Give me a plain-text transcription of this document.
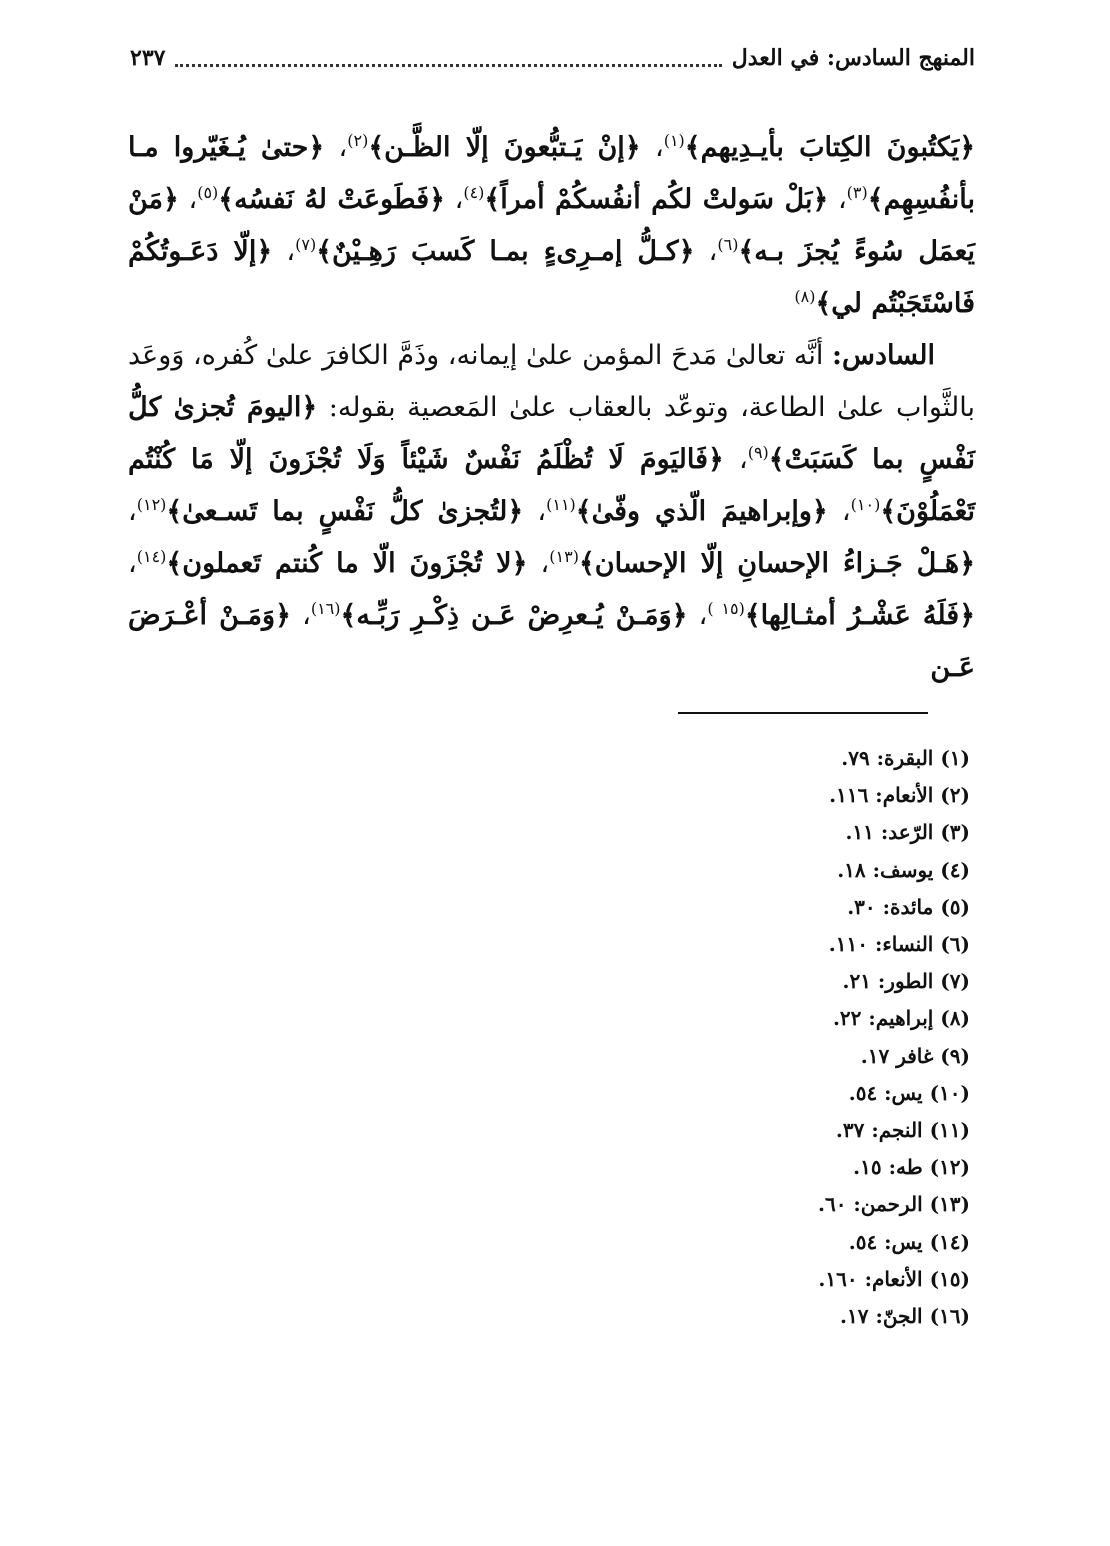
المنهج السادس: في العدل
٢٣٧

﴿يَكتُبونَ الكِتابَ بأيـدِيهم﴾$^{(١)}$، ﴿إنْ يَـتبُّعونَ إلّا الظَّـن﴾$^{(٢)}$، ﴿حتىٰ يُـغَيّروا مـا بأنفُسِهِم﴾$^{(٣)}$، ﴿بَلْ سَولتْ لكُم أنفُسكُمْ أمراً﴾$^{(٤)}$، ﴿فَطَوعَتْ لهُ نَفسُه﴾$^{(٥)}$، ﴿مَنْ يَعمَل سُوءً يُجزَ بـه﴾$^{(٦)}$، ﴿كـلُّ إمـرِىءٍ بمـا كَسبَ رَهِـيْنٌ﴾$^{(٧)}$، ﴿إلّا دَعَـوتُكُمْ فَاسْتَجَبْتُم لي﴾$^{(٨)}$

السادس: أنَّه تعالىٰ مَدحَ المؤمن علىٰ إيمانه، وذَمَّ الكافرَ علىٰ كُفره، وَوعَد بالثَّواب علىٰ الطاعة، وتوعّد بالعقاب علىٰ المَعصية بقوله: ﴿اليومَ تُجزىٰ كلُّ نَفْسٍ بما كَسَبَتْ﴾$^{(٩)}$، ﴿فَاليَومَ لَا تُظْلَمُ نَفْسٌ شَيْئاً وَلَا تُجْزَونَ إلّا مَا كُنْتُم تَعْمَلُوْنَ﴾$^{(١٠)}$، ﴿وإبراهيمَ الّذي وفّىٰ﴾$^{(١١)}$، ﴿لتُجزىٰ كلُّ نَفْسٍ بما تَسـعىٰ﴾$^{(١٢)}$، ﴿هَـلْ جَـزاءُ الإحسانِ إلّا الإحسان﴾$^{(١٣)}$، ﴿لا تُجْزَونَ الّا ما كُنتم تَعملون﴾$^{(١٤)}$، ﴿فَلَهُ عَشْـرُ أمثـالِها﴾$^{(١٥ )}$، ﴿وَمَـنْ يُـعرِضْ عَـن ذِكْـرِ رَبِّـه﴾$^{(١٦)}$، ﴿وَمَـنْ أعْـرَضَ عَـن

(١) البقرة: ٧٩.
(٢) الأنعام: ١١٦.
(٣) الرّعد: ١١.
(٤) يوسف: ١٨.
(٥) مائدة: ٣٠.
(٦) النساء: ١١٠.
(٧) الطور: ٢١.
(٨) إبراهيم: ٢٢.
(٩) غافر ١٧.
(١٠) يس: ٥٤.
(١١) النجم: ٣٧.
(١٢) طه: ١٥.
(١٣) الرحمن: ٦٠.
(١٤) يس: ٥٤.
(١٥) الأنعام: ١٦٠.
(١٦) الجنّ: ١٧.
